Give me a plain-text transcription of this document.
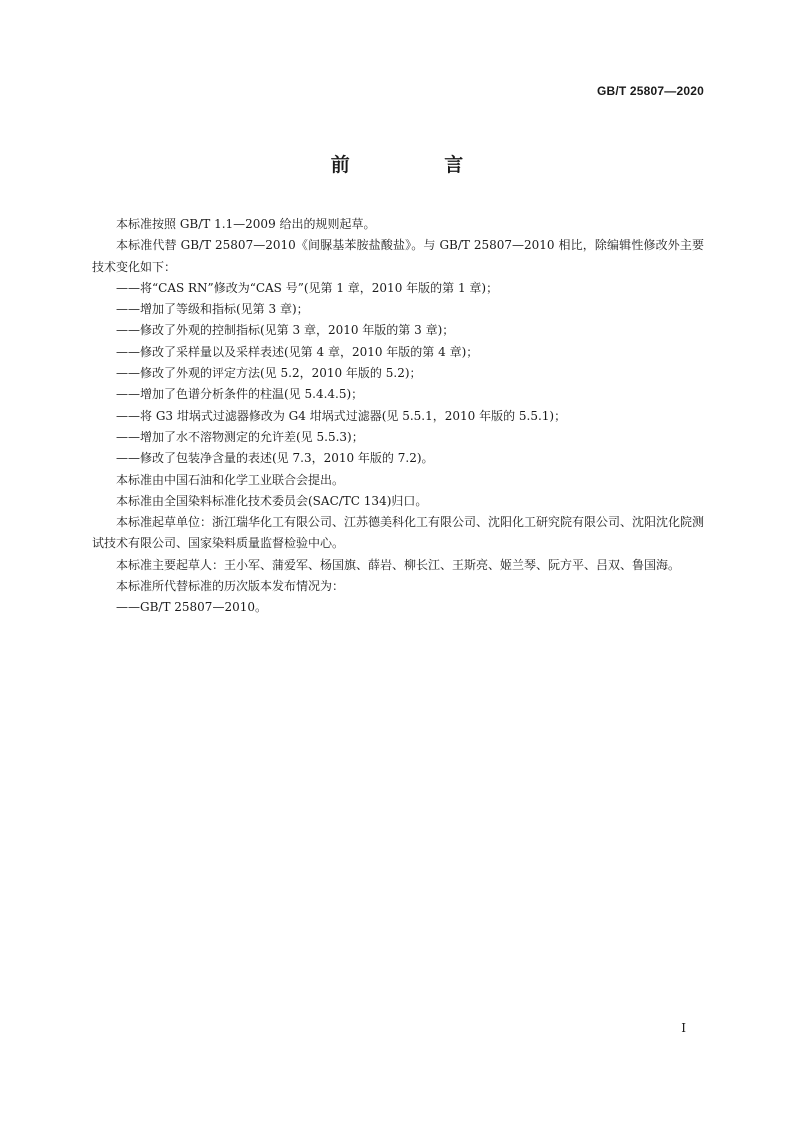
GB/T 25807—2020
前 言

本标准按照 GB/T 1.1—2009 给出的规则起草。

本标准代替 GB/T 25807—2010《间脲基苯胺盐酸盐》。与 GB/T 25807—2010 相比，除编辑性修改外主要技术变化如下：

——将“CAS RN”修改为“CAS 号”(见第 1 章，2010 年版的第 1 章)；
——增加了等级和指标(见第 3 章)；
——修改了外观的控制指标(见第 3 章，2010 年版的第 3 章)；
——修改了采样量以及采样表述(见第 4 章，2010 年版的第 4 章)；
——修改了外观的评定方法(见 5.2，2010 年版的 5.2)；
——增加了色谱分析条件的柱温(见 5.4.4.5)；
——将 G3 坩埚式过滤器修改为 G4 坩埚式过滤器(见 5.5.1，2010 年版的 5.5.1)；
——增加了水不溶物测定的允许差(见 5.5.3)；
——修改了包装净含量的表述(见 7.3，2010 年版的 7.2)。

本标准由中国石油和化学工业联合会提出。

本标准由全国染料标准化技术委员会(SAC/TC 134)归口。

本标准起草单位：浙江瑞华化工有限公司、江苏德美科化工有限公司、沈阳化工研究院有限公司、沈阳沈化院测试技术有限公司、国家染料质量监督检验中心。

本标准主要起草人：王小军、蒲爱军、杨国旗、薛岩、柳长江、王斯亮、姬兰琴、阮方平、吕双、鲁国海。

本标准所代替标准的历次版本发布情况为：

——GB/T 25807—2010。

I
